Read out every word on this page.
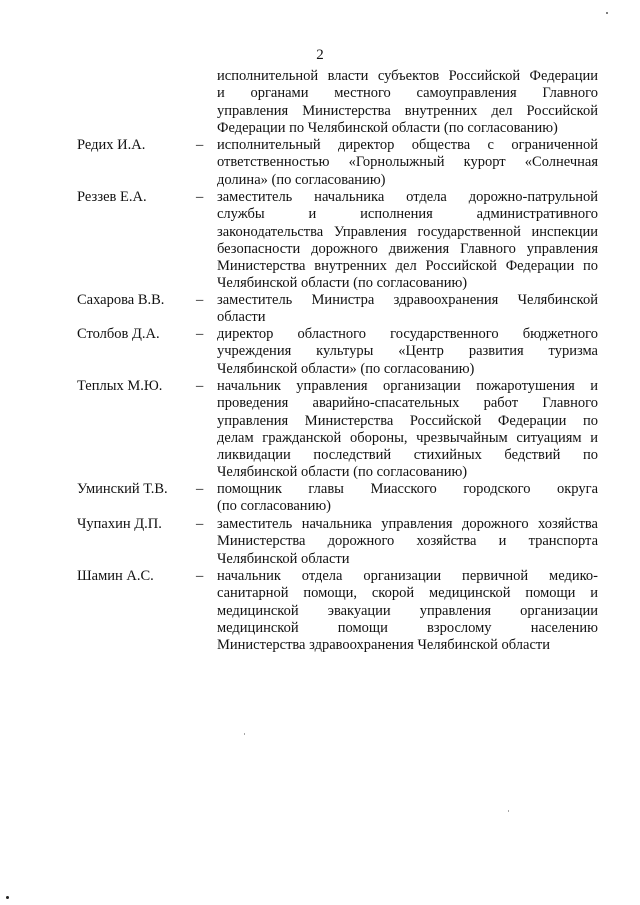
2
исполнительной власти субъектов Российской Федерации
и органами местного самоуправления Главного
управления Министерства внутренних дел Российской
Федерации по Челябинской области (по согласованию)
Редих И.А.	– исполнительный директор общества с ограниченной
ответственностью «Горнолыжный курорт «Солнечная
долина» (по согласованию)
Реззев Е.А.	– заместитель начальника отдела дорожно-патрульной
службы и исполнения административного
законодательства Управления государственной инспекции
безопасности дорожного движения Главного управления
Министерства внутренних дел Российской Федерации по
Челябинской области (по согласованию)
Сахарова В.В. – заместитель Министра здравоохранения Челябинской
области
Столбов Д.А.	– директор областного государственного бюджетного
учреждения культуры «Центр развития туризма
Челябинской области» (по согласованию)
Теплых М.Ю. – начальник управления организации пожаротушения и
проведения аварийно-спасательных работ Главного
управления Министерства Российской Федерации по
делам гражданской обороны, чрезвычайным ситуациям и
ликвидации последствий стихийных бедствий по
Челябинской области (по согласованию)
Уминский Т.В. – помощник главы Миасского городского округа
(по согласованию)
Чупахин Д.П. – заместитель начальника управления дорожного хозяйства
Министерства дорожного хозяйства и транспорта
Челябинской области
Шамин А.С.	– начальник отдела организации первичной медико-
санитарной помощи, скорой медицинской помощи и
медицинской эвакуации управления организации
медицинской помощи взрослому населению
Министерства здравоохранения Челябинской области
